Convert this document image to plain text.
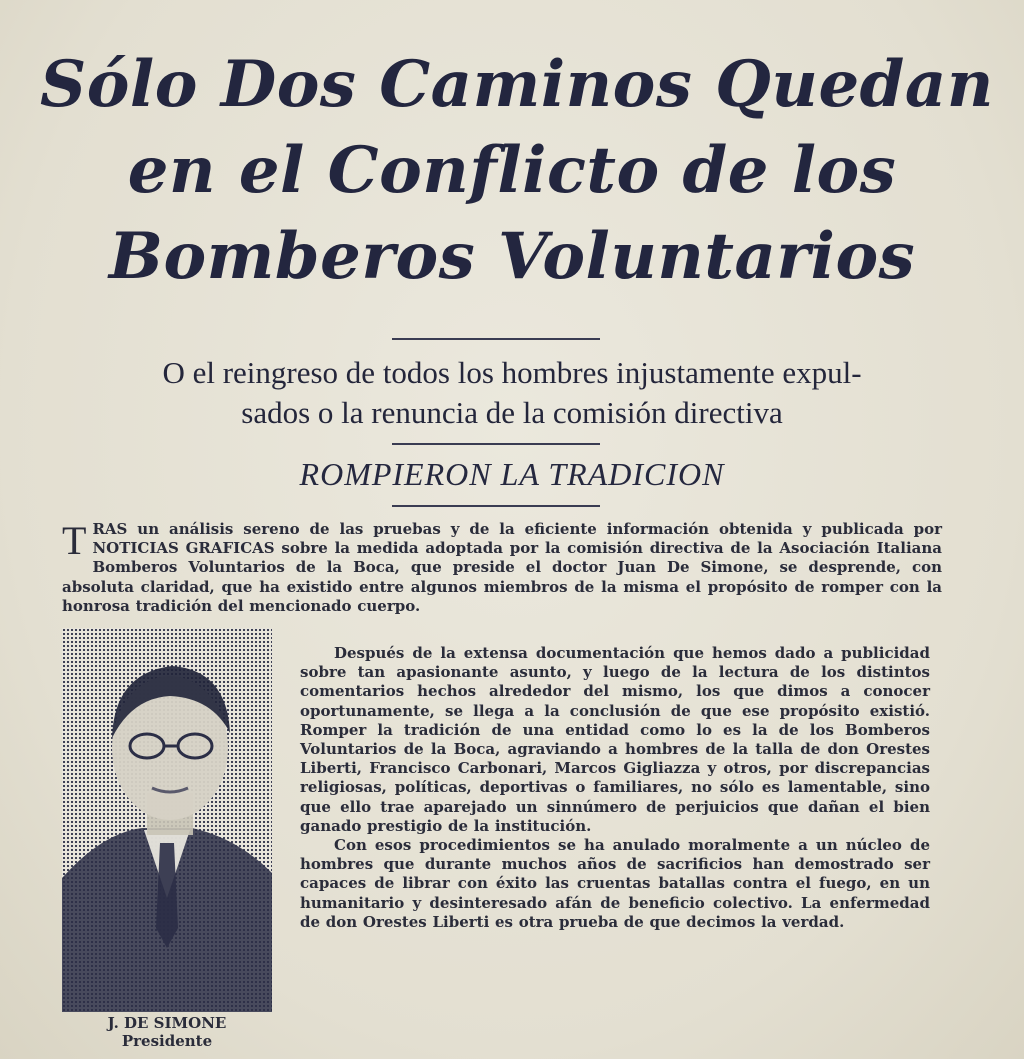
Sólo Dos Caminos Quedan
en el Conflicto de los
Bomberos Voluntarios
O el reingreso de todos los hombres injustamente expul-
sados o la renuncia de la comisión directiva
ROMPIERON LA TRADICION
TRAS un análisis sereno de las pruebas y de la eficiente información obtenida y publicada por NOTICIAS GRAFICAS sobre la medida adoptada por la comisión directiva de la Asociación Italiana Bomberos Voluntarios de la Boca, que preside el doctor Juan De Simone, se desprende, con absoluta claridad, que ha existido entre algunos miembros de la misma el propósito de romper con la honrosa tradición del mencionado cuerpo.
J. DE SIMONE
Presidente

Después de la extensa documentación que hemos dado a publicidad sobre tan apasionante asunto, y luego de la lectura de los distintos comentarios hechos alrededor del mismo, los que dimos a conocer oportunamente, se llega a la conclusión de que ese propósito existió. Romper la tradición de una entidad como lo es la de los Bomberos Voluntarios de la Boca, agraviando a hombres de la talla de don Orestes Liberti, Francisco Carbonari, Marcos Gigliazza y otros, por discrepancias religiosas, políticas, deportivas o familiares, no sólo es lamentable, sino que ello trae aparejado un sinnúmero de perjuicios que dañan el bien ganado prestigio de la institución.

Con esos procedimientos se ha anulado moralmente a un núcleo de hombres que durante muchos años de sacrificios han demostrado ser capaces de librar con éxito las cruentas batallas contra el fuego, en un humanitario y desinteresado afán de beneficio colectivo. La enfermedad de don Orestes Liberti es otra prueba de que decimos la verdad.
